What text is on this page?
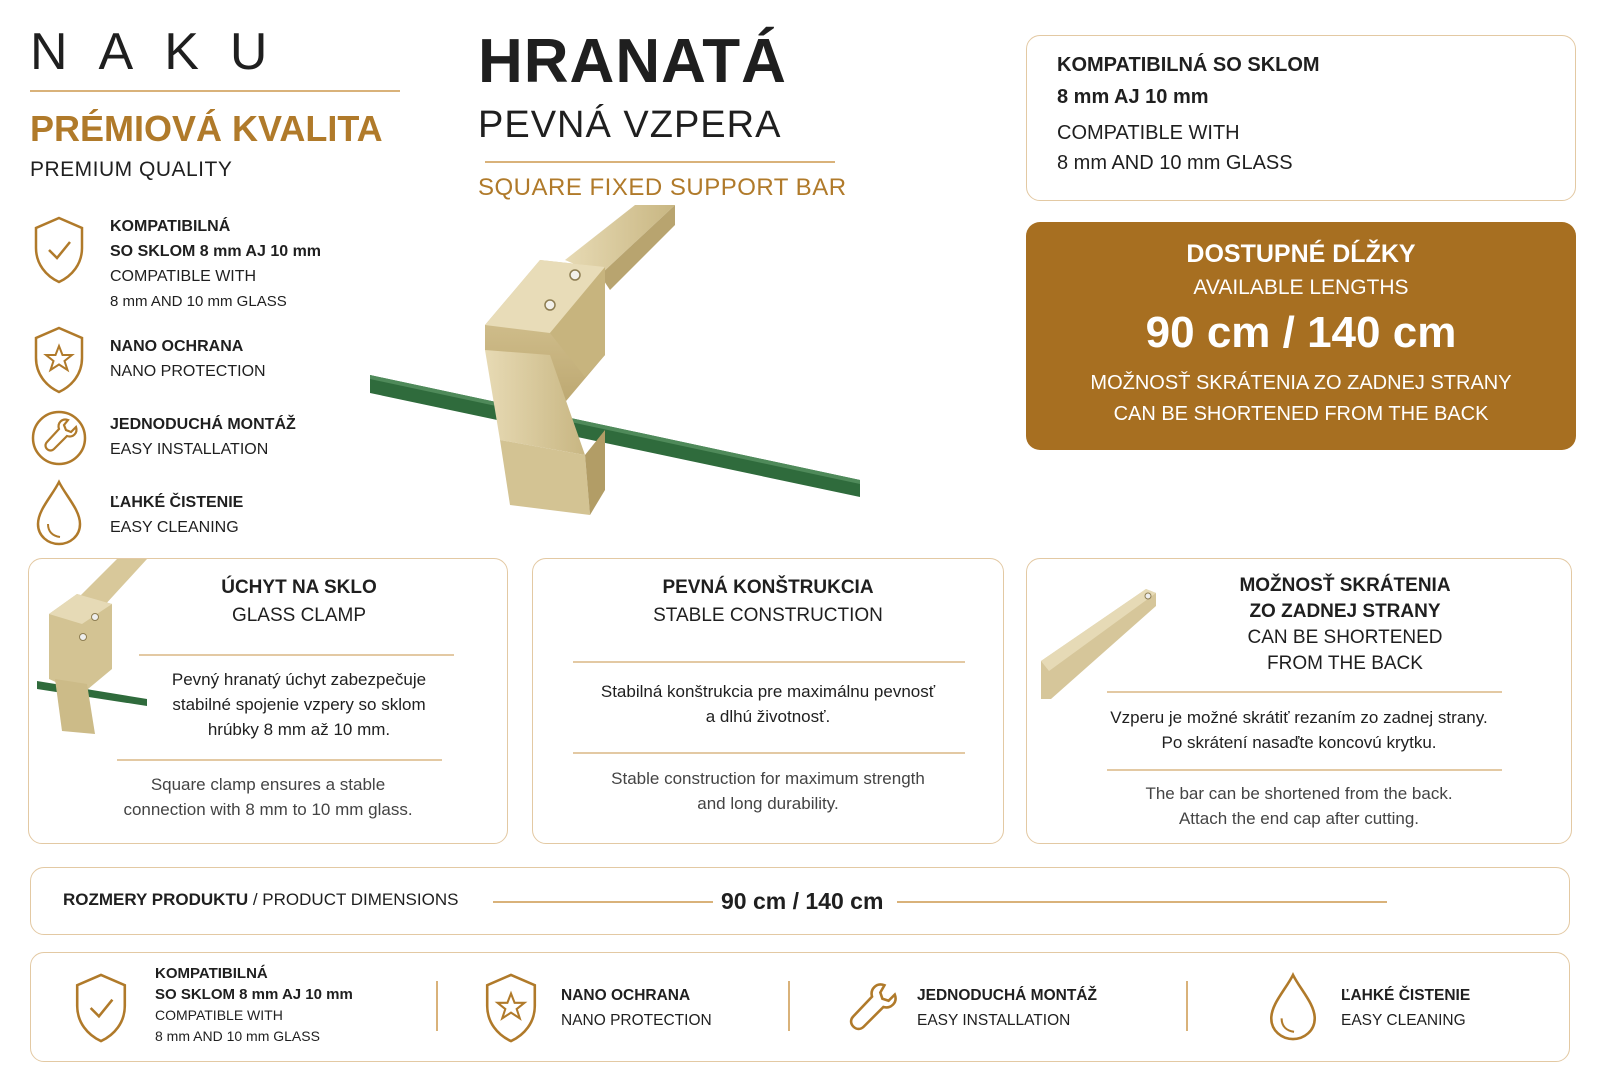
NAKU
PRÉMIOVÁ KVALITA
PREMIUM QUALITY
KOMPATIBILNÁ
SO SKLOM 8 mm AJ 10 mm
COMPATIBLE WITH
8 mm AND 10 mm GLASS
NANO OCHRANA
NANO PROTECTION
JEDNODUCHÁ MONTÁŽ
EASY INSTALLATION
ĽAHKÉ ČISTENIE
EASY CLEANING
HRANATÁ
PEVNÁ VZPERA
SQUARE FIXED SUPPORT BAR
KOMPATIBILNÁ SO SKLOM
8 mm AJ 10 mm
COMPATIBLE WITH
8 mm AND 10 mm GLASS
DOSTUPNÉ DĹŽKY
AVAILABLE LENGTHS
90 cm / 140 cm
MOŽNOSŤ SKRÁTENIA ZO ZADNEJ STRANY
CAN BE SHORTENED FROM THE BACK
ÚCHYT NA SKLO
GLASS CLAMP
Pevný hranatý úchyt zabezpečuje
stabilné spojenie vzpery so sklom
hrúbky 8 mm až 10 mm.
Square clamp ensures a stable
connection with 8 mm to 10 mm glass.
PEVNÁ KONŠTRUKCIA
STABLE CONSTRUCTION
Stabilná konštrukcia pre maximálnu pevnosť
a dlhú životnosť.
Stable construction for maximum strength
and long durability.
MOŽNOSŤ SKRÁTENIA
ZO ZADNEJ STRANY
CAN BE SHORTENED
FROM THE BACK
Vzperu je možné skrátiť rezaním zo zadnej strany.
Po skrátení nasaďte koncovú krytku.
The bar can be shortened from the back.
Attach the end cap after cutting.
ROZMERY PRODUKTU / PRODUCT DIMENSIONS	90 cm / 140 cm
KOMPATIBILNÁ
SO SKLOM 8 mm AJ 10 mm
COMPATIBLE WITH
8 mm AND 10 mm GLASS
NANO OCHRANA
NANO PROTECTION
JEDNODUCHÁ MONTÁŽ
EASY INSTALLATION
ĽAHKÉ ČISTENIE
EASY CLEANING
